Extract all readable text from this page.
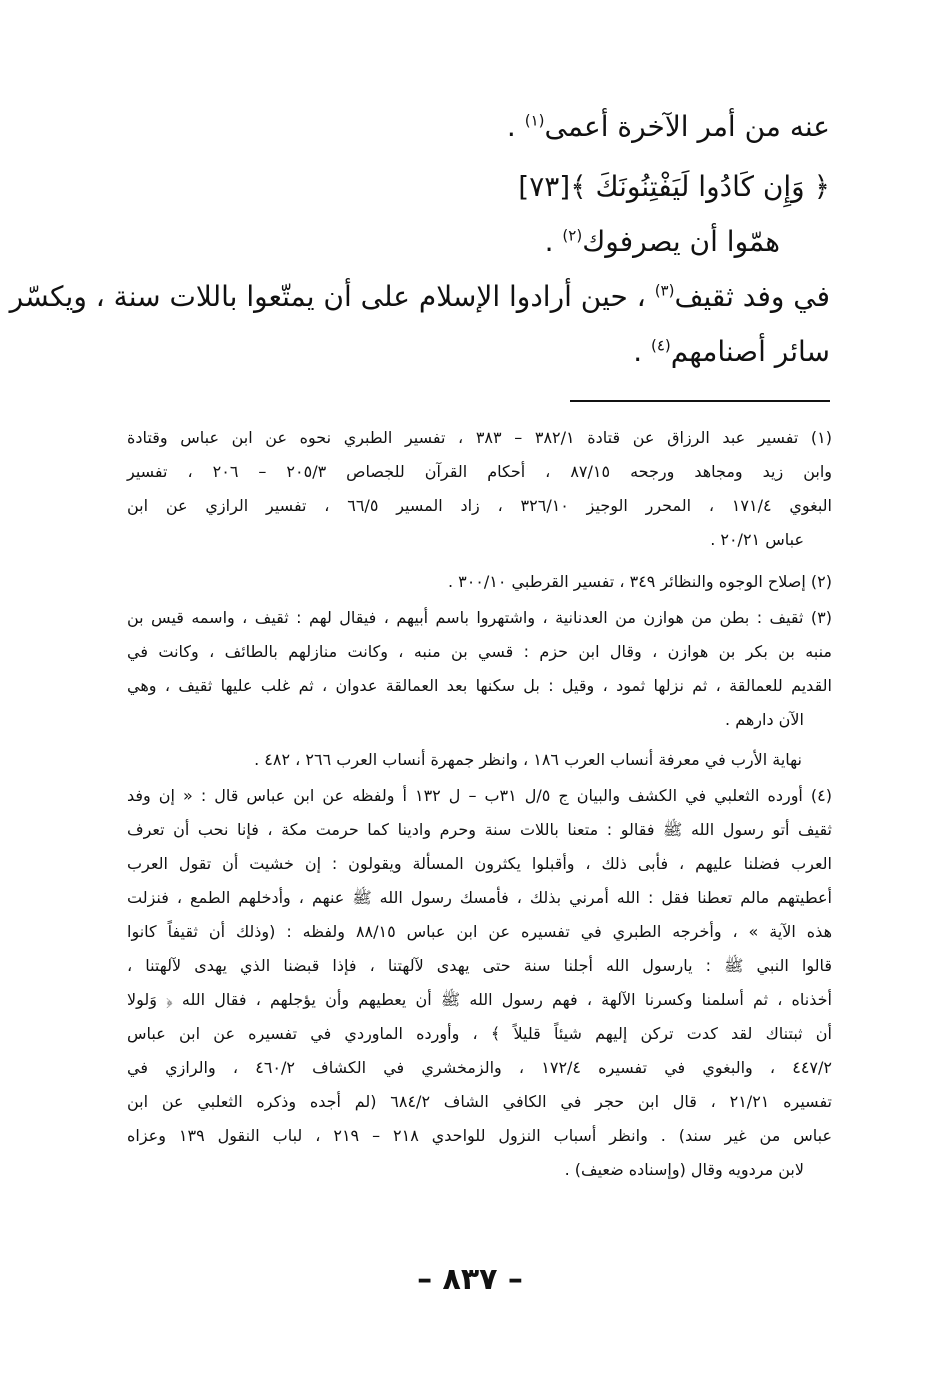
عنه من أمر الآخرة أعمى$^{(١)}$ .
﴿ وَإِن كَادُوا لَيَفْتِنُونَكَ ﴾[٧٣]
همّوا أن يصرفوك$^{(٢)}$ .
في وفد ثقيف$^{(٣)}$ ، حين أرادوا الإسلام على أن يمتّعوا باللات سنة ، ويكسّر
سائر أصنامهم$^{(٤)}$ .
(١) تفسير عبد الرزاق عن قتادة ٣٨٢/١ – ٣٨٣ ، تفسير الطبري نحوه عن ابن عباس وقتادة
وابن زيد ومجاهد ورجحه ٨٧/١٥ ، أحكام القرآن للجصاص ٢٠٥/٣ – ٢٠٦ ، تفسير
البغوي ١٧١/٤ ، المحرر الوجيز ٣٢٦/١٠ ، زاد المسير ٦٦/٥ ، تفسير الرازي عن ابن
عباس ٢٠/٢١ .
(٢) إصلاح الوجوه والنظائر ٣٤٩ ، تفسير القرطبي ٣٠٠/١٠ .
(٣) ثقيف : بطن من هوازن من العدنانية ، واشتهروا باسم أبيهم ، فيقال لهم : ثقيف ، واسمه قيس بن
منبه بن بكر بن هوازن ، وقال ابن حزم : قسي بن منبه ، وكانت منازلهم بالطائف ، وكانت في
القديم للعمالقة ، ثم نزلها ثمود ، وقيل : بل سكنها بعد العمالقة عدوان ، ثم غلب عليها ثقيف ، وهي
الآن دارهم .
نهاية الأرب في معرفة أنساب العرب ١٨٦ ، وانظر جمهرة أنساب العرب ٢٦٦ ، ٤٨٢ .
(٤) أورده الثعلبي في الكشف والبيان ج ٥/ل ٣١ب – ل ١٣٢ أ ولفظه عن ابن عباس قال : « إن وفد
ثقيف أتو رسول الله ﷺ فقالو : متعنا باللات سنة وحرم وادينا كما حرمت مكة ، فإنا نحب أن تعرف
العرب فضلنا عليهم ، فأبى ذلك ، وأقبلوا يكثرون المسألة ويقولون : إن خشيت أن تقول العرب
أعطيتهم مالم تعطنا فقل : الله أمرني بذلك ، فأمسك رسول الله ﷺ عنهم ، وأدخلهم الطمع ، فنزلت
هذه الآية » ، وأخرجه الطبري في تفسيره عن ابن عباس ٨٨/١٥ ولفظه : (وذلك أن ثقيفاً كانوا
قالوا النبي ﷺ : يارسول الله أجلنا سنة حتى يهدى لآلهتنا ، فإذا قبضنا الذي يهدى لآلهتنا ،
أخذناه ، ثم أسلمنا وكسرنا الآلهة ، فهم رسول الله ﷺ أن يعطيهم وأن يؤجلهم ، فقال الله ﴿ وَلولا
أن ثبتناك لقد كدت تركن إليهم شيئاً قليلاً ﴾ ، وأورده الماوردي في تفسيره عن ابن عباس
٤٤٧/٢ ، والبغوي في تفسيره ١٧٢/٤ ، والزمخشري في الكشاف ٤٦٠/٢ ، والرازي في
تفسيره ٢١/٢١ ، قال ابن حجر في الكافي الشاف ٦٨٤/٢ (لم أجده وذكره الثعلبي عن ابن
عباس من غير سند) . وانظر أسباب النزول للواحدي ٢١٨ – ٢١٩ ، لباب النقول ١٣٩ وعزاه
لابن مردويه وقال (وإسناده ضعيف) .
– ٨٣٧ –
